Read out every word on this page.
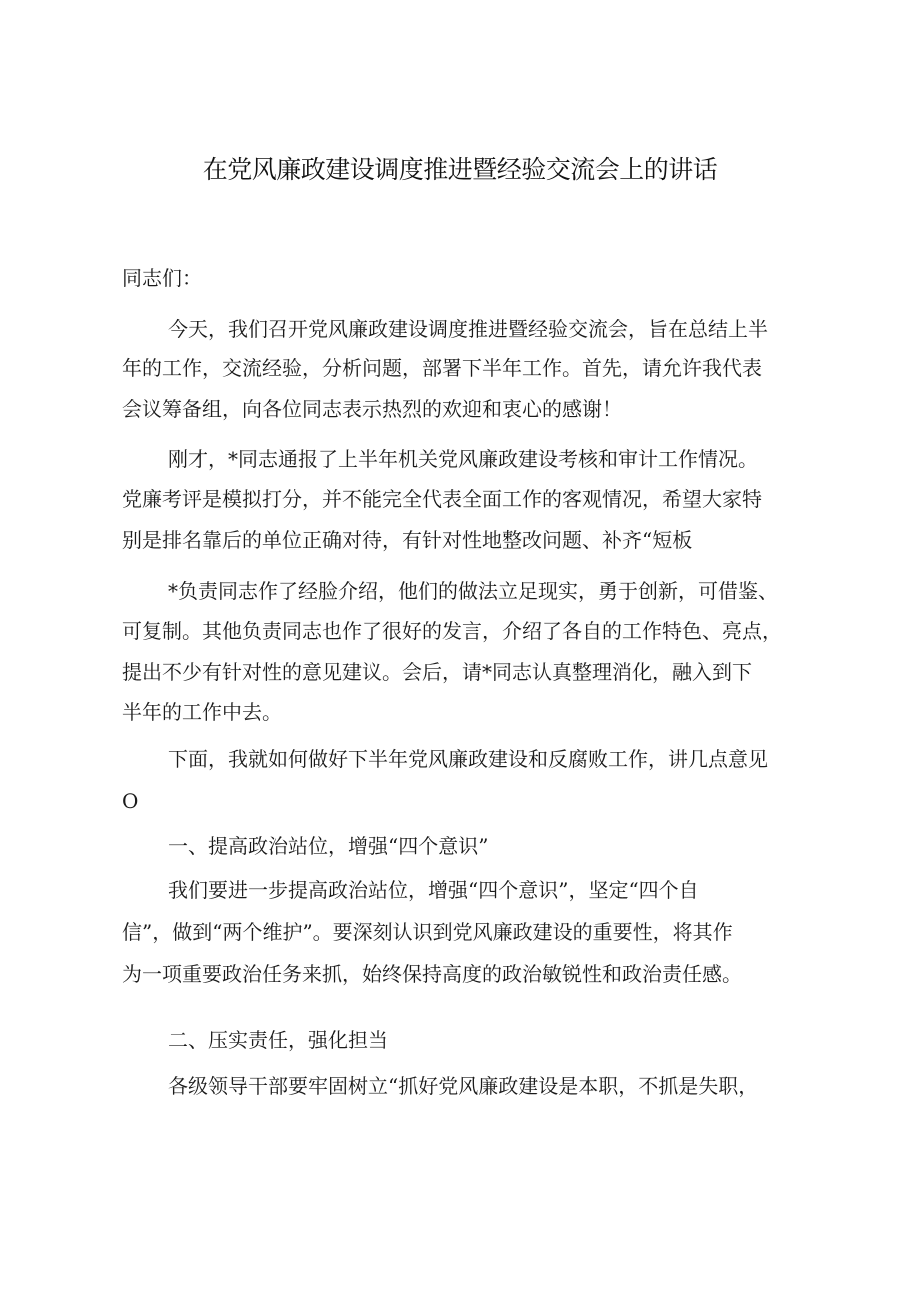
在党风廉政建设调度推进暨经验交流会上的讲话

同志们：

今天，我们召开党风廉政建设调度推进暨经验交流会，旨在总结上半

年的工作，交流经验，分析问题，部署下半年工作。首先，请允许我代表

会议筹备组，向各位同志表示热烈的欢迎和衷心的感谢！

刚才，*同志通报了上半年机关党风廉政建设考核和审计工作情况。

党廉考评是模拟打分，并不能完全代表全面工作的客观情况，希望大家特

别是排名靠后的单位正确对待，有针对性地整改问题、补齐“短板

*负责同志作了经脸介绍，他们的做法立足现实，勇于创新，可借鉴、

可复制。其他负责同志也作了很好的发言，介绍了各自的工作特色、亮点，

提出不少有针对性的意见建议。会后，请*同志认真整理消化，融入到下

半年的工作中去。

下面，我就如何做好下半年党风廉政建设和反腐败工作，讲几点意见

O

一、提高政治站位，增强“四个意识”

我们要进一步提高政治站位，增强“四个意识”，坚定“四个自

信”，做到“两个维护”。要深刻认识到党风廉政建设的重要性，将其作

为一项重要政治任务来抓，始终保持高度的政治敏锐性和政治责任感。

二、压实责任，强化担当

各级领导干部要牢固树立“抓好党风廉政建设是本职，不抓是失职，
